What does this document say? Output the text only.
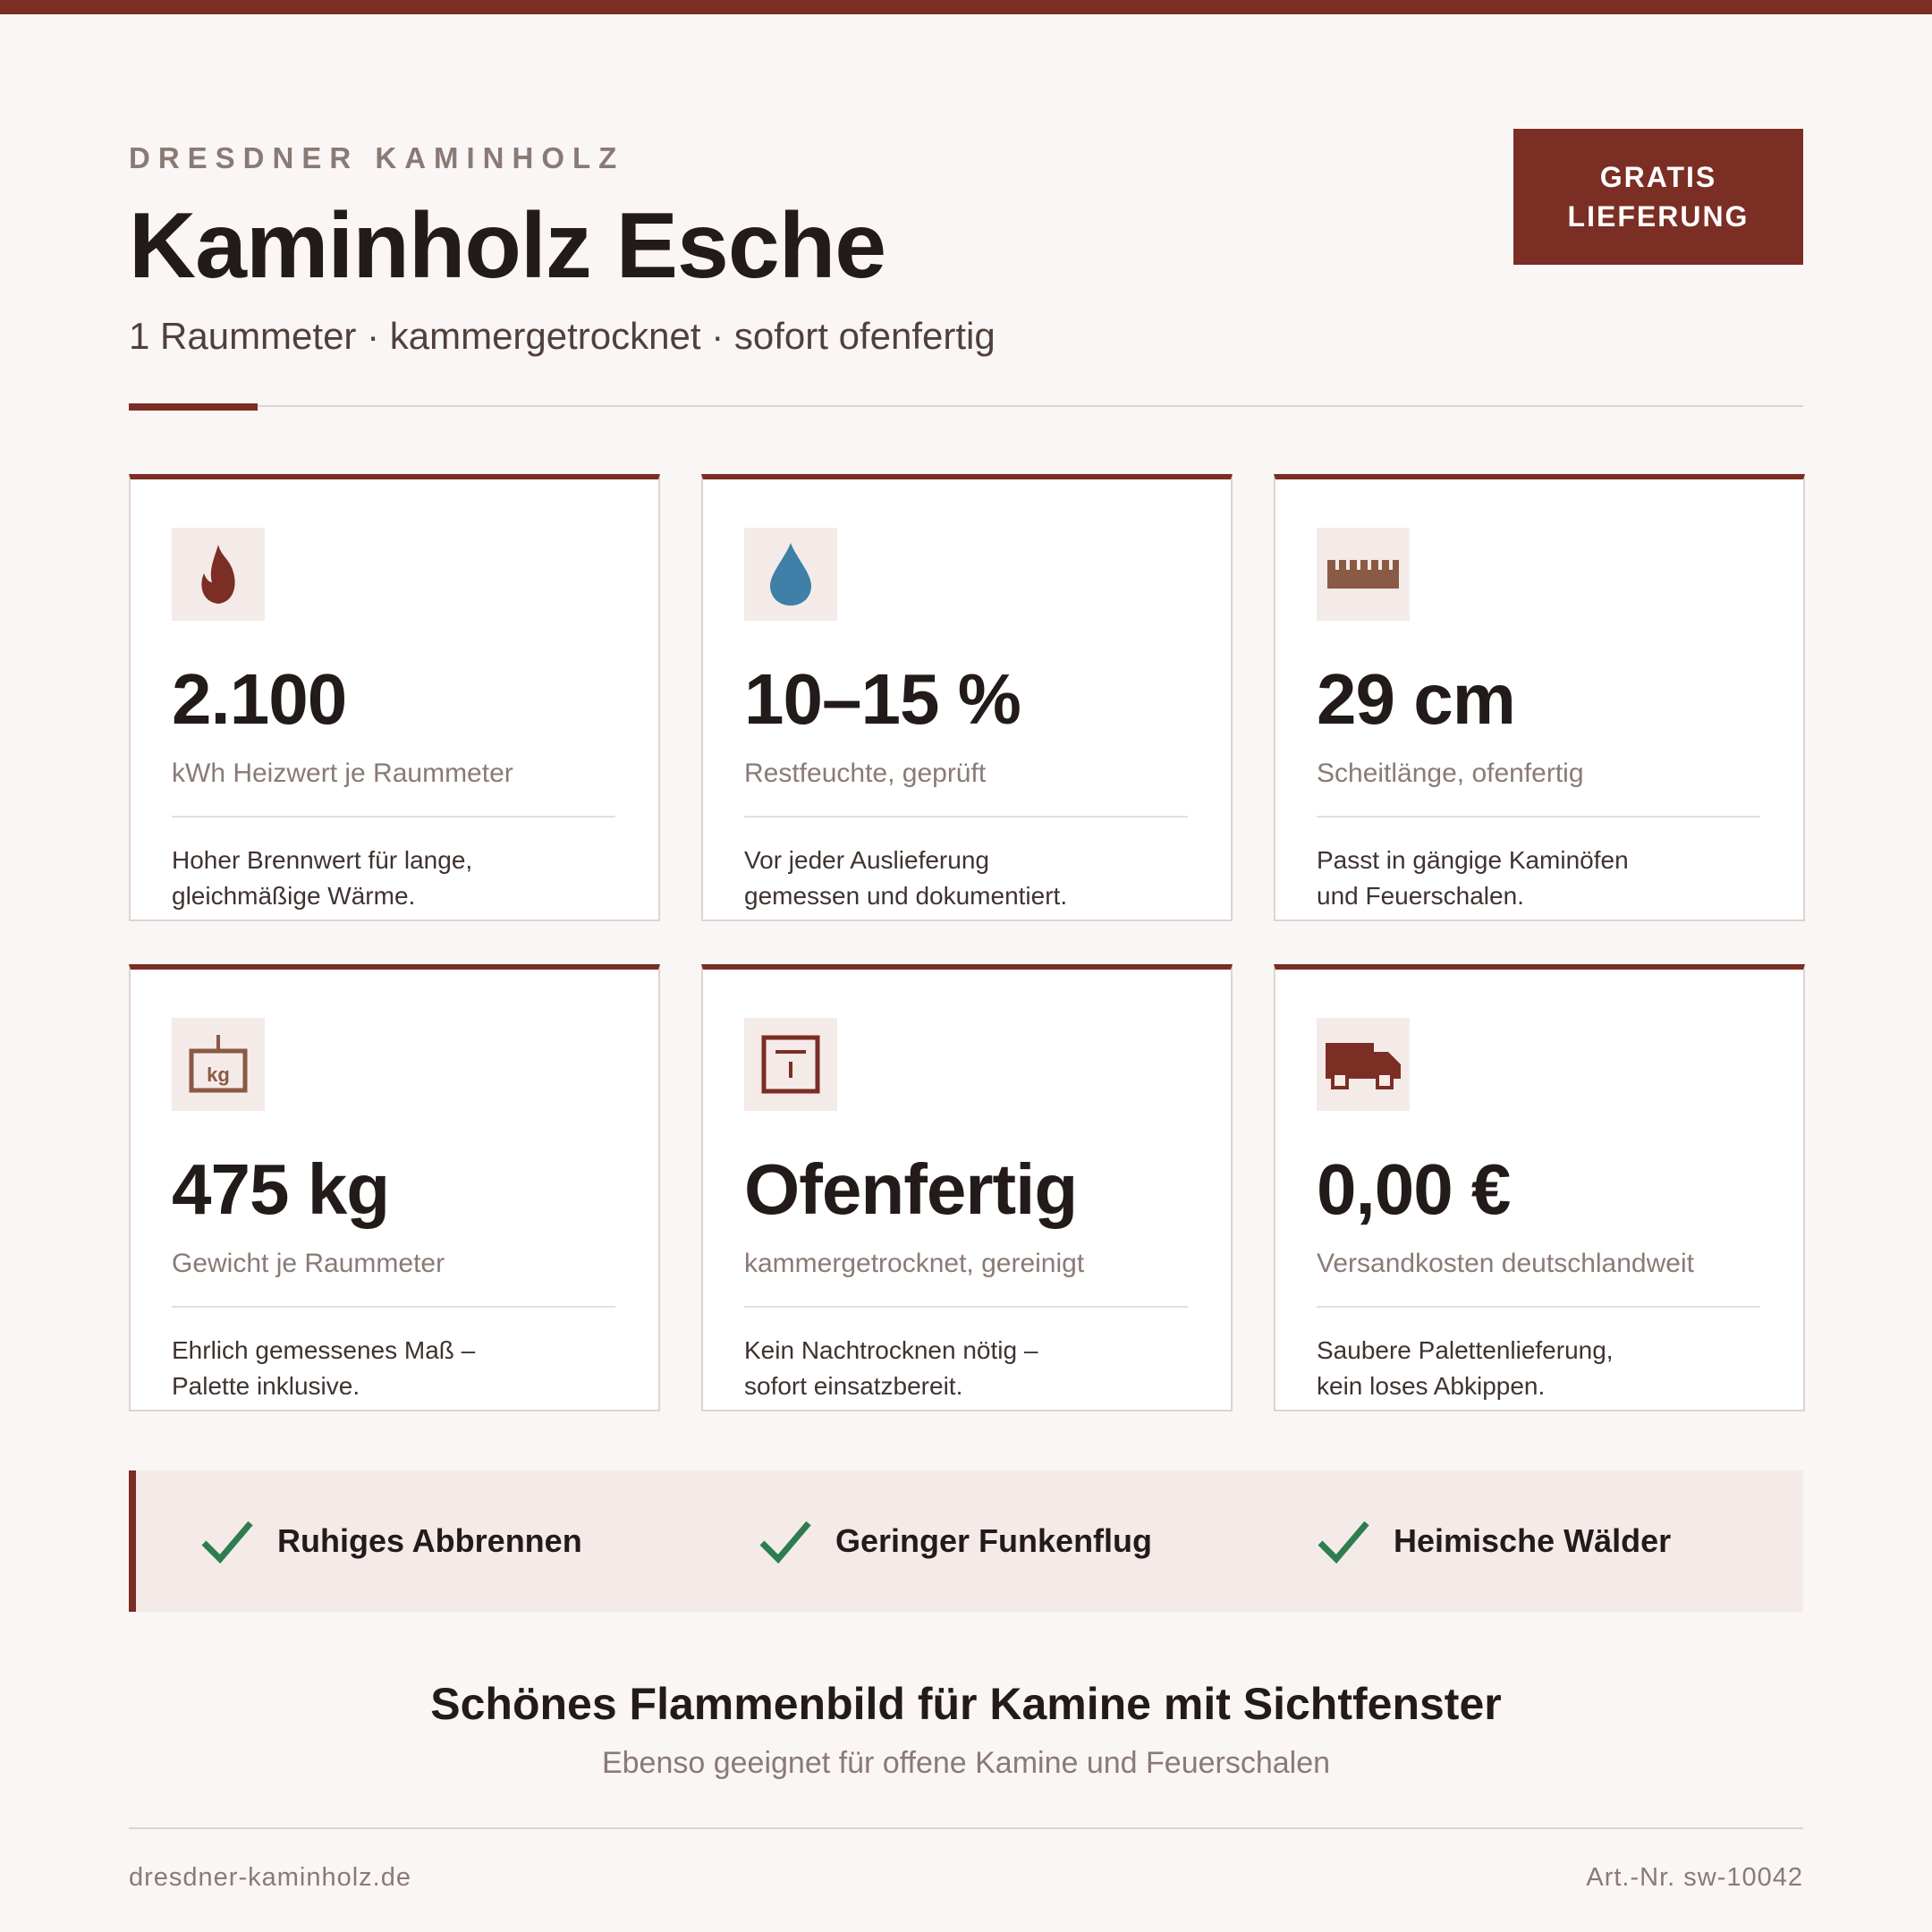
DRESDNER KAMINHOLZ
Kaminholz Esche
1 Raummeter · kammergetrocknet · sofort ofenfertig
GRATIS
LIEFERUNG
2.100
kWh Heizwert je Raummeter
Hoher Brennwert für lange,
gleichmäßige Wärme.
10–15 %
Restfeuchte, geprüft
Vor jeder Auslieferung
gemessen und dokumentiert.
29 cm
Scheitlänge, ofenfertig
Passt in gängige Kaminöfen
und Feuerschalen.
kg
475 kg
Gewicht je Raummeter
Ehrlich gemessenes Maß –
Palette inklusive.
Ofenfertig
kammergetrocknet, gereinigt
Kein Nachtrocknen nötig –
sofort einsatzbereit.
0,00 €
Versandkosten deutschlandweit
Saubere Palettenlieferung,
kein loses Abkippen.
Ruhiges Abbrennen	Geringer Funkenflug	Heimische Wälder
Schönes Flammenbild für Kamine mit Sichtfenster
Ebenso geeignet für offene Kamine und Feuerschalen
dresdner-kaminholz.de	Art.-Nr. sw-10042
